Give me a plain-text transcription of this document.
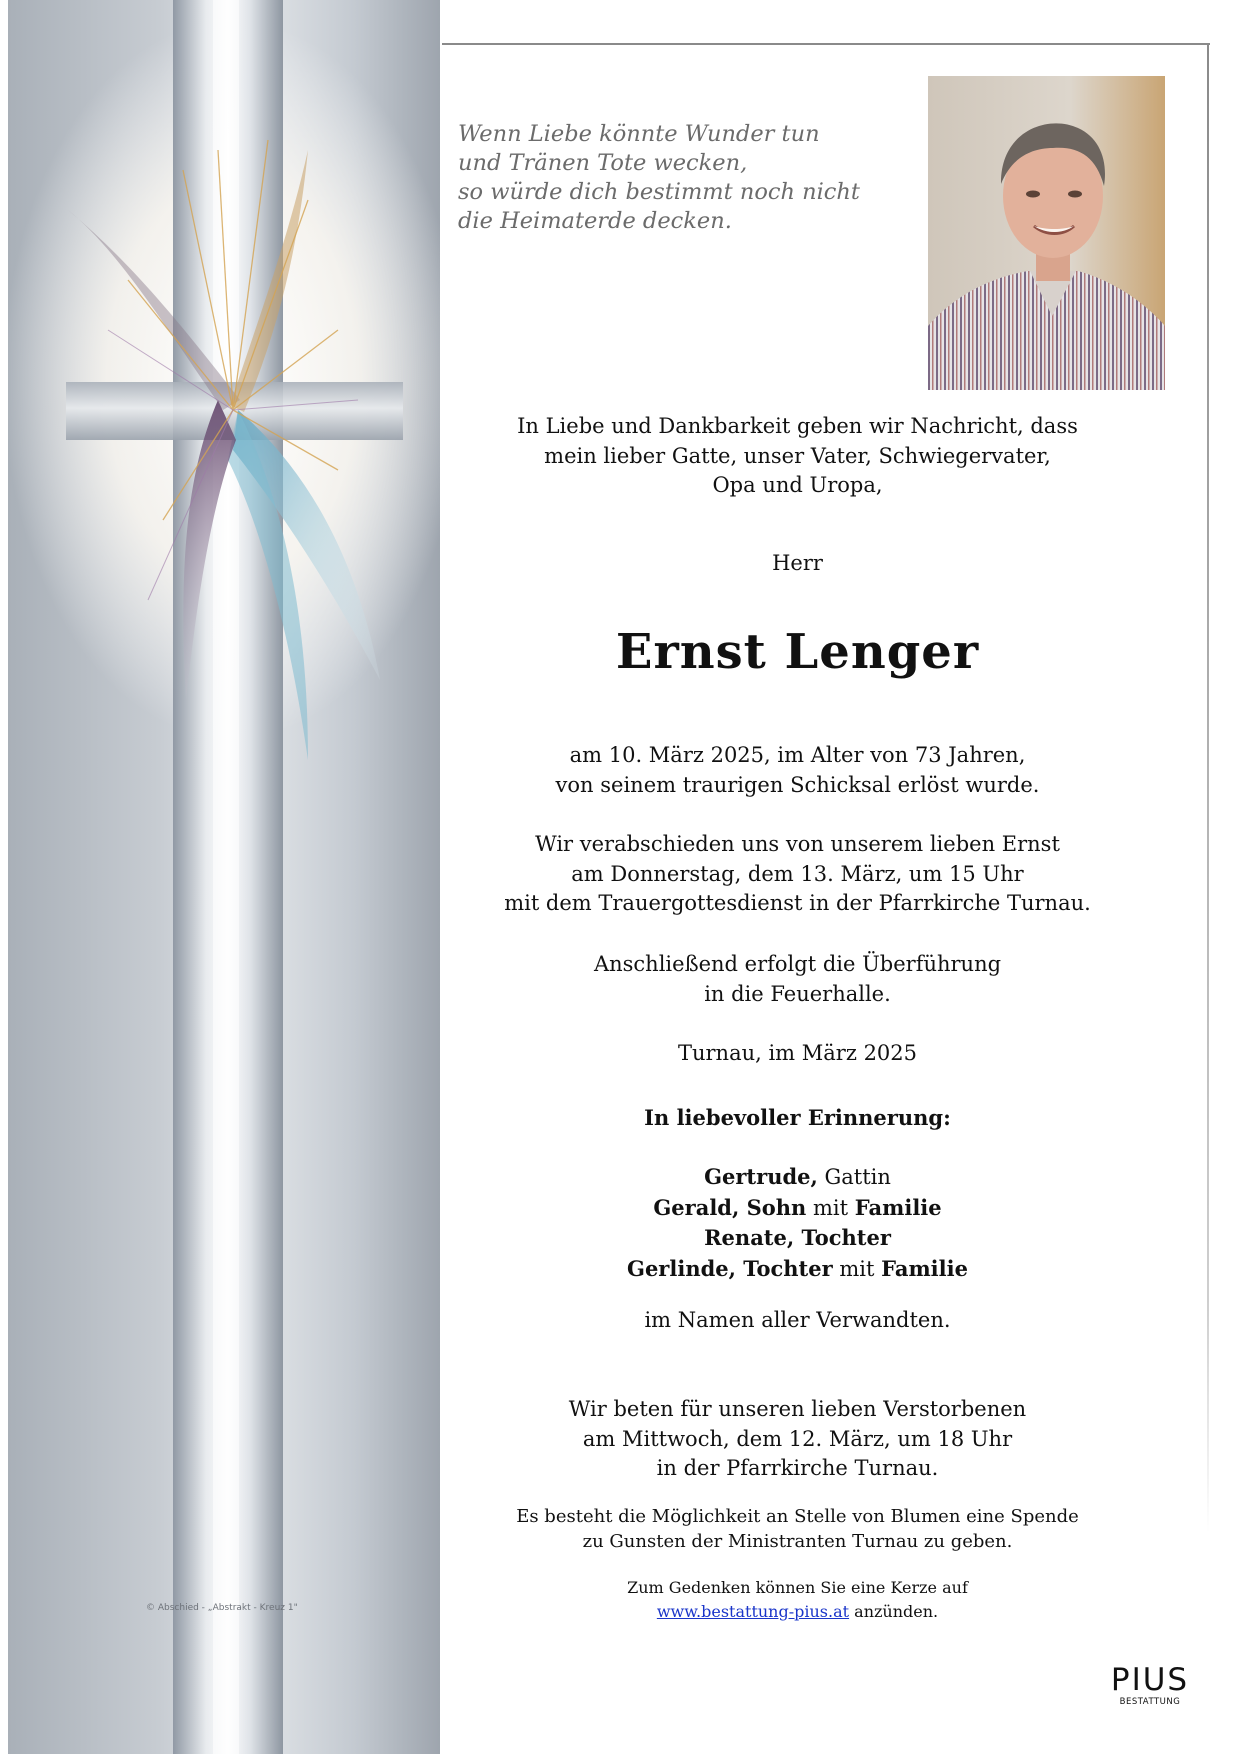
© Abschied - „Abstrakt - Kreuz 1"
Wenn Liebe könnte Wunder tun
und Tränen Tote wecken,
so würde dich bestimmt noch nicht
die Heimaterde decken.
In Liebe und Dankbarkeit geben wir Nachricht, dass
mein lieber Gatte, unser Vater, Schwiegervater,
Opa und Uropa,
Herr
Ernst Lenger
am 10. März 2025, im Alter von 73 Jahren,
von seinem traurigen Schicksal erlöst wurde.
Wir verabschieden uns von unserem lieben Ernst
am Donnerstag, dem 13. März, um 15 Uhr
mit dem Trauergottesdienst in der Pfarrkirche Turnau.
Anschließend erfolgt die Überführung
in die Feuerhalle.
Turnau, im März 2025
In liebevoller Erinnerung:
Gertrude, Gattin
Gerald, Sohn mit Familie
Renate, Tochter
Gerlinde, Tochter mit Familie
im Namen aller Verwandten.
Wir beten für unseren lieben Verstorbenen
am Mittwoch, dem 12. März, um 18 Uhr
in der Pfarrkirche Turnau.
Es besteht die Möglichkeit an Stelle von Blumen eine Spende
zu Gunsten der Ministranten Turnau zu geben.
Zum Gedenken können Sie eine Kerze auf
www.bestattung-pius.at anzünden.
PIUS
BESTATTUNG
